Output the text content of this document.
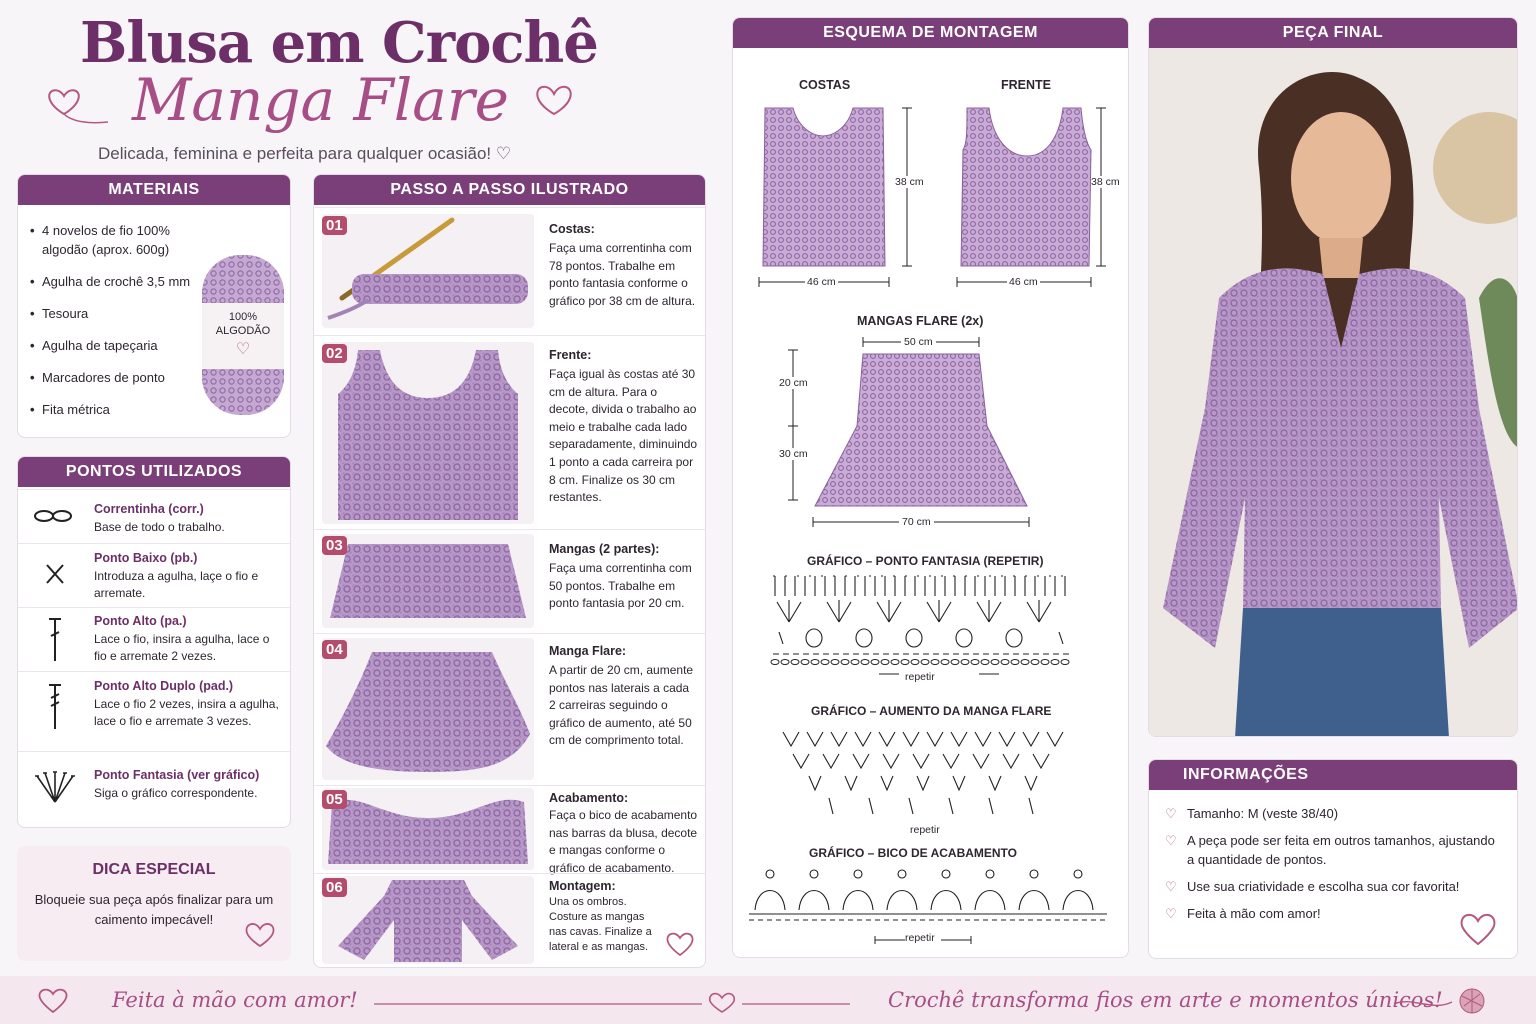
Blusa em Crochê
Manga Flare
Delicada, feminina e perfeita para qualquer ocasião! ♡
MATERIAIS
• 4 novelos de fio 100% algodão (aprox. 600g)
• Agulha de crochê 3,5 mm
• Tesoura
• Agulha de tapeçaria
• Marcadores de ponto
• Fita métrica
100%
ALGODÃO
♡
PONTOS UTILIZADOS
Correntinha (corr.)
Base de todo o trabalho.
Ponto Baixo (pb.)
Introduza a agulha, laçe o fio e arremate.
Ponto Alto (pa.)
Lace o fio, insira a agulha, lace o fio e arremate 2 vezes.
Ponto Alto Duplo (pad.)
Lace o fio 2 vezes, insira a agulha, lace o fio e arremate 3 vezes.
Ponto Fantasia (ver gráfico)
Siga o gráfico correspondente.
DICA ESPECIAL
Bloqueie sua peça após finalizar para um caimento impecável!
PASSO A PASSO ILUSTRADO
01	Costas:
Faça uma correntinha com 78 pontos. Trabalhe em ponto fantasia conforme o gráfico por 38 cm de altura.
02	Frente:
Faça igual às costas até 30 cm de altura. Para o decote, divida o trabalho ao meio e trabalhe cada lado separadamente, diminuindo 1 ponto a cada carreira por 8 cm. Finalize os 30 cm restantes.
03	Mangas (2 partes):
Faça uma correntinha com 50 pontos. Trabalhe em ponto fantasia por 20 cm.
04	Manga Flare:
A partir de 20 cm, aumente pontos nas laterais a cada 2 carreiras seguindo o gráfico de aumento, até 50 cm de comprimento total.
05	Acabamento:
Faça o bico de acabamento nas barras da blusa, decote e mangas conforme o gráfico de acabamento.
06	Montagem:
Una os ombros. Costure as mangas nas cavas. Finalize a lateral e as mangas.
ESQUEMA DE MONTAGEM
COSTAS	FRENTE
38 cm
46 cm
38 cm
46 cm
MANGAS FLARE (2x)
50 cm
20 cm
30 cm
70 cm
GRÁFICO – PONTO FANTASIA (REPETIR)
repetir
GRÁFICO – AUMENTO DA MANGA FLARE
repetir
GRÁFICO – BICO DE ACABAMENTO
repetir
PEÇA FINAL
INFORMAÇÕES
♡ Tamanho: M (veste 38/40)
♡ A peça pode ser feita em outros tamanhos, ajustando a quantidade de pontos.
♡ Use sua criatividade e escolha sua cor favorita!
♡ Feita à mão com amor!
Feita à mão com amor!	Crochê transforma fios em arte e momentos únicos!
